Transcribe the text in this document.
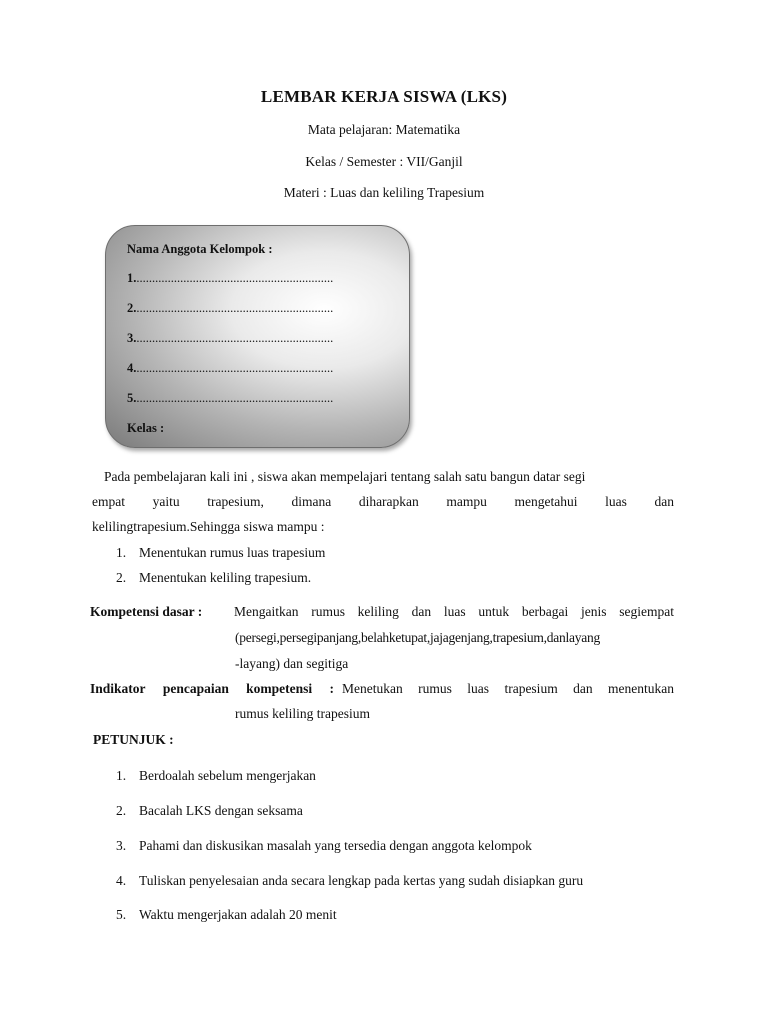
LEMBAR KERJA SISWA (LKS)
Mata pelajaran: Matematika
Kelas / Semester : VII/Ganjil
Materi : Luas dan keliling Trapesium
Nama Anggota Kelompok :
1................................................................
2................................................................
3................................................................
4................................................................
5................................................................
Kelas :
Pada pembelajaran kali ini , siswa akan mempelajari tentang salah satu bangun datar segi
empat yaitu trapesium, dimana diharapkan mampu mengetahui luas dan
kelilingtrapesium.Sehingga siswa mampu :
1. Menentukan rumus luas trapesium
2. Menentukan keliling trapesium.
Kompetensi dasar : Mengaitkan rumus keliling dan luas untuk berbagai jenis segiempat
(persegi,persegipanjang,belahketupat,jajagenjang,trapesium,danlayang
-layang) dan segitiga
Indikator pencapaian kompetensi : Menetukan rumus luas trapesium dan menentukan
rumus keliling trapesium
PETUNJUK :
1. Berdoalah sebelum mengerjakan
2. Bacalah LKS dengan seksama
3. Pahami dan diskusikan masalah yang tersedia dengan anggota kelompok
4. Tuliskan penyelesaian anda secara lengkap pada kertas yang sudah disiapkan guru
5. Waktu mengerjakan adalah 20 menit
